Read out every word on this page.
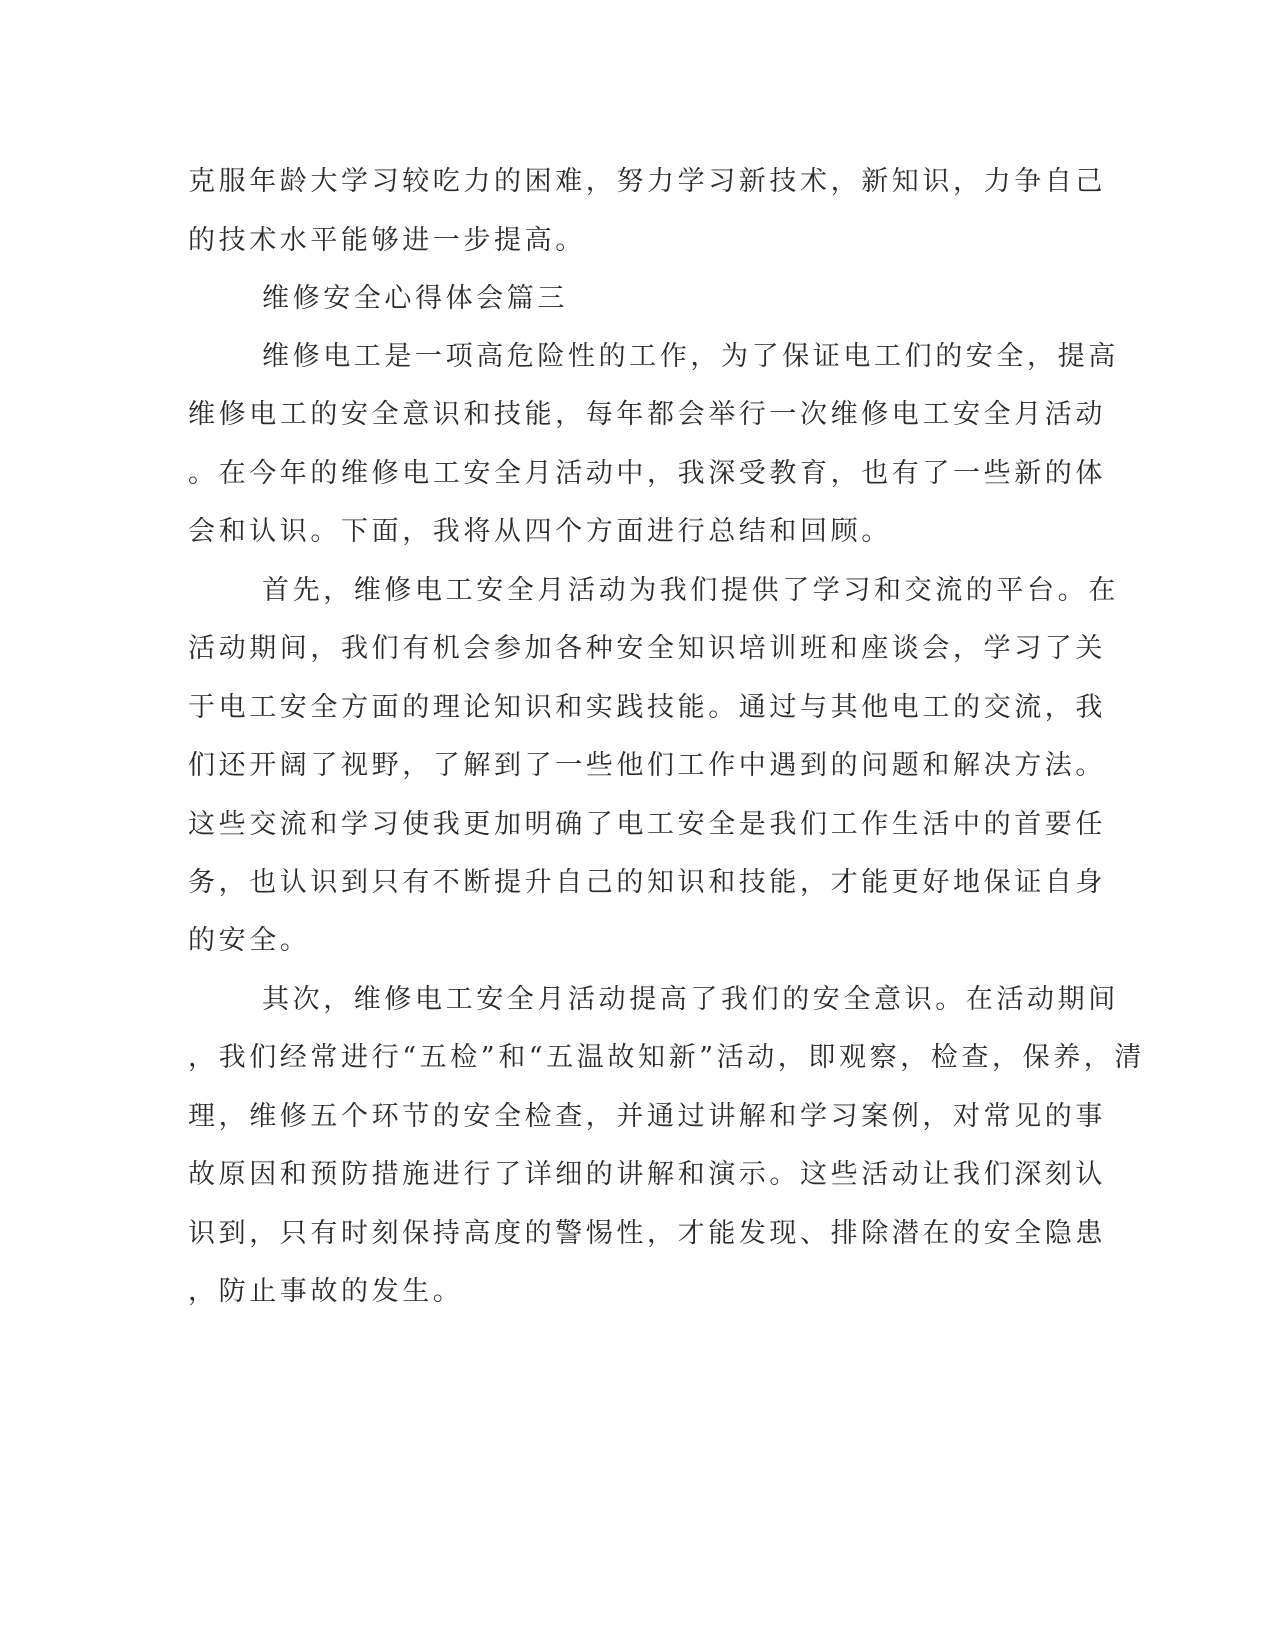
克服年龄大学习较吃力的困难，努力学习新技术，新知识，力争自己
的技术水平能够进一步提高。
维修安全心得体会篇三
维修电工是一项高危险性的工作，为了保证电工们的安全，提高
维修电工的安全意识和技能，每年都会举行一次维修电工安全月活动
。在今年的维修电工安全月活动中，我深受教育，也有了一些新的体
会和认识。下面，我将从四个方面进行总结和回顾。
首先，维修电工安全月活动为我们提供了学习和交流的平台。在
活动期间，我们有机会参加各种安全知识培训班和座谈会，学习了关
于电工安全方面的理论知识和实践技能。通过与其他电工的交流，我
们还开阔了视野，了解到了一些他们工作中遇到的问题和解决方法。
这些交流和学习使我更加明确了电工安全是我们工作生活中的首要任
务，也认识到只有不断提升自己的知识和技能，才能更好地保证自身
的安全。
其次，维修电工安全月活动提高了我们的安全意识。在活动期间
，我们经常进行“五检”和“五温故知新”活动，即观察，检查，保养，清
理，维修五个环节的安全检查，并通过讲解和学习案例，对常见的事
故原因和预防措施进行了详细的讲解和演示。这些活动让我们深刻认
识到，只有时刻保持高度的警惕性，才能发现、排除潜在的安全隐患
，防止事故的发生。
